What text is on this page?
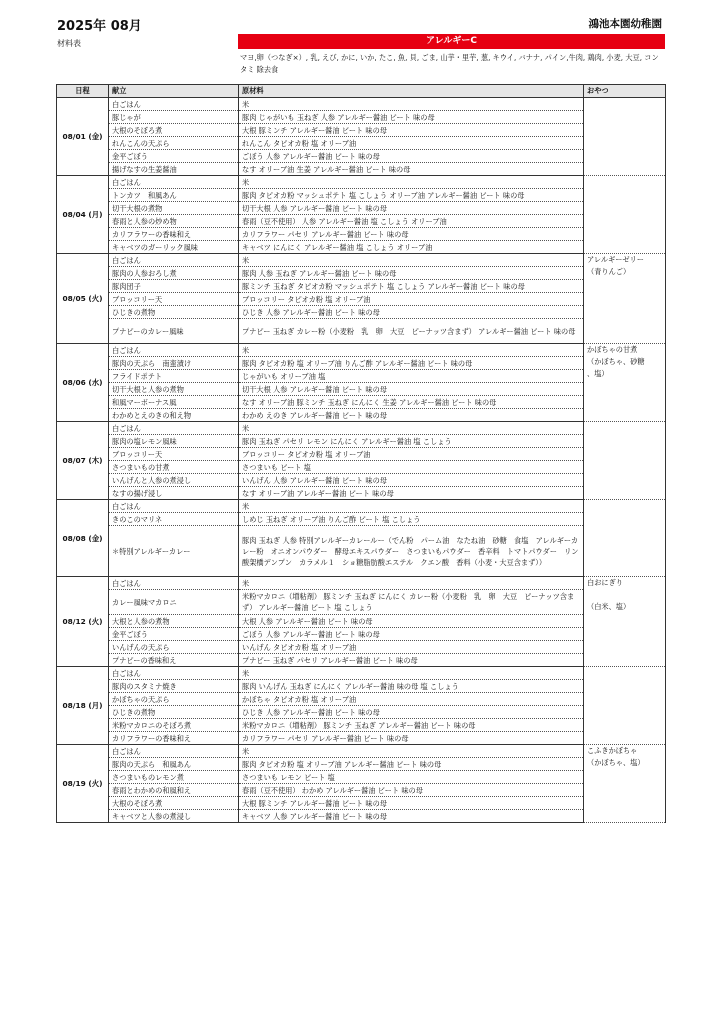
2025年 08月	鴻池本園幼稚園
材料表	アレルギーC
マヨ,卵（つなぎ×）, 乳, えび, かに, いか, たこ, 魚, 貝, ごま, 山芋・里芋, 葱, キウイ, バナナ, パイン,牛肉, 鶏肉, 小麦, 大豆, コンタミ 除去食
日程	献立	原材料	おやつ
08/01 (金)	白ごはん	米	
	豚じゃが	豚肉 じゃがいも 玉ねぎ 人参 アレルギー醤油 ビート 味の母	
	大根のそぼろ煮	大根 豚ミンチ アレルギー醤油 ビート 味の母	
	れんこんの天ぷら	れんこん タピオカ粉 塩 オリーブ油	
	金平ごぼう	ごぼう 人参 アレルギー醤油 ビート 味の母	
	揚げなすの生姜醤油	なす オリーブ油 生姜 アレルギー醤油 ビート 味の母	
08/04 (月)	白ごはん	米	
	トンカツ　和風あん	豚肉 タピオカ粉 マッシュポテト 塩 こしょう オリーブ油 アレルギー醤油 ビート 味の母	
	切干大根の煮物	切干大根 人参 アレルギー醤油 ビート 味の母	
	春雨と人参の炒め物	春雨（豆不使用） 人参 アレルギー醤油 塩 こしょう オリーブ油	
	カリフラワーの香味和え	カリフラワー パセリ アレルギー醤油 ビート 味の母	
	キャベツのガーリック風味	キャベツ にんにく アレルギー醤油 塩 こしょう オリーブ油	
08/05 (火)	白ごはん	米	アレルギーゼリー
（青りんご）

	豚肉の人参おろし煮	豚肉 人参 玉ねぎ アレルギー醤油 ビート 味の母	
	豚肉団子	豚ミンチ 玉ねぎ タピオカ粉 マッシュポテト 塩 こしょう アレルギー醤油 ビート 味の母	
	ブロッコリー天	ブロッコリー タピオカ粉 塩 オリーブ油	
	ひじきの煮物	ひじき 人参 アレルギー醤油 ビート 味の母	
	プナピーのカレー風味	プナピー 玉ねぎ カレー粉（小麦粉　乳　卵　大豆　ピーナッツ含まず） アレルギー醤油 ビート 味の母	
08/06 (水)	白ごはん	米	かぼちゃの甘煮
（かぼちゃ、砂糖
、塩）

	豚肉の天ぷら　南蛮漬け	豚肉 タピオカ粉 塩 オリーブ油 りんご酢 アレルギー醤油 ビート 味の母	
	フライドポテト	じゃがいも オリーブ油 塩	
	切干大根と人参の煮物	切干大根 人参 アレルギー醤油 ビート 味の母	
	和風マーボーナス風	なす オリーブ油 豚ミンチ 玉ねぎ にんにく 生姜 アレルギー醤油 ビート 味の母	
	わかめとえのきの和え物	わかめ えのき アレルギー醤油 ビート 味の母	
08/07 (木)	白ごはん	米	
	豚肉の塩レモン風味	豚肉 玉ねぎ パセリ レモン にんにく アレルギー醤油 塩 こしょう	
	ブロッコリー天	ブロッコリー タピオカ粉 塩 オリーブ油	
	さつまいもの甘煮	さつまいも ビート 塩	
	いんげんと人参の煮浸し	いんげん 人参 アレルギー醤油 ビート 味の母	
	なすの揚げ浸し	なす オリーブ油 アレルギー醤油 ビート 味の母	
08/08 (金)	白ごはん	米	
	きのこのマリネ	しめじ 玉ねぎ オリーブ油 りんご酢 ビート 塩 こしょう	
	＊特別アレルギーカレー	豚肉 玉ねぎ 人参 特別アレルギーカレールー（でん粉　パーム油　なたね油　砂糖　食塩　アレルギーカレー粉　オニオンパウダー　酵母エキスパウダー　さつまいもパウダー　香辛料　トマトパウダー　リン酸架橋デンプン　カラメル１　ショ糖脂肪酸エステル　クエン酸　香料（小麦・大豆含まず））	
08/12 (火)	白ごはん	米	白おにぎり

（白米、塩）

	カレー風味マカロニ	米粉マカロニ（増粘剤） 豚ミンチ 玉ねぎ にんにく カレー粉（小麦粉　乳　卵　大豆　ピーナッツ含まず） アレルギー醤油 ビート 塩 こしょう	
	大根と人参の煮物	大根 人参 アレルギー醤油 ビート 味の母	
	金平ごぼう	ごぼう 人参 アレルギー醤油 ビート 味の母	
	いんげんの天ぷら	いんげん タピオカ粉 塩 オリーブ油	
	プナピーの香味和え	プナピー 玉ねぎ パセリ アレルギー醤油 ビート 味の母	
08/18 (月)	白ごはん	米	
	豚肉のスタミナ焼き	豚肉 いんげん 玉ねぎ にんにく アレルギー醤油 味の母 塩 こしょう	
	かぼちゃの天ぷら	かぼちゃ タピオカ粉 塩 オリーブ油	
	ひじきの煮物	ひじき 人参 アレルギー醤油 ビート 味の母	
	米粉マカロニのそぼろ煮	米粉マカロニ（増粘剤） 豚ミンチ 玉ねぎ アレルギー醤油 ビート 味の母	
	カリフラワーの香味和え	カリフラワー パセリ アレルギー醤油 ビート 味の母	
08/19 (火)	白ごはん	米	こふきかぼちゃ
（かぼちゃ、塩）

	豚肉の天ぷら　和風あん	豚肉 タピオカ粉 塩 オリーブ油 アレルギー醤油 ビート 味の母	
	さつまいものレモン煮	さつまいも レモン ビート 塩	
	春雨とわかめの和風和え	春雨（豆不使用） わかめ アレルギー醤油 ビート 味の母	
	大根のそぼろ煮	大根 豚ミンチ アレルギー醤油 ビート 味の母	
	キャベツと人参の煮浸し	キャベツ 人参 アレルギー醤油 ビート 味の母	
